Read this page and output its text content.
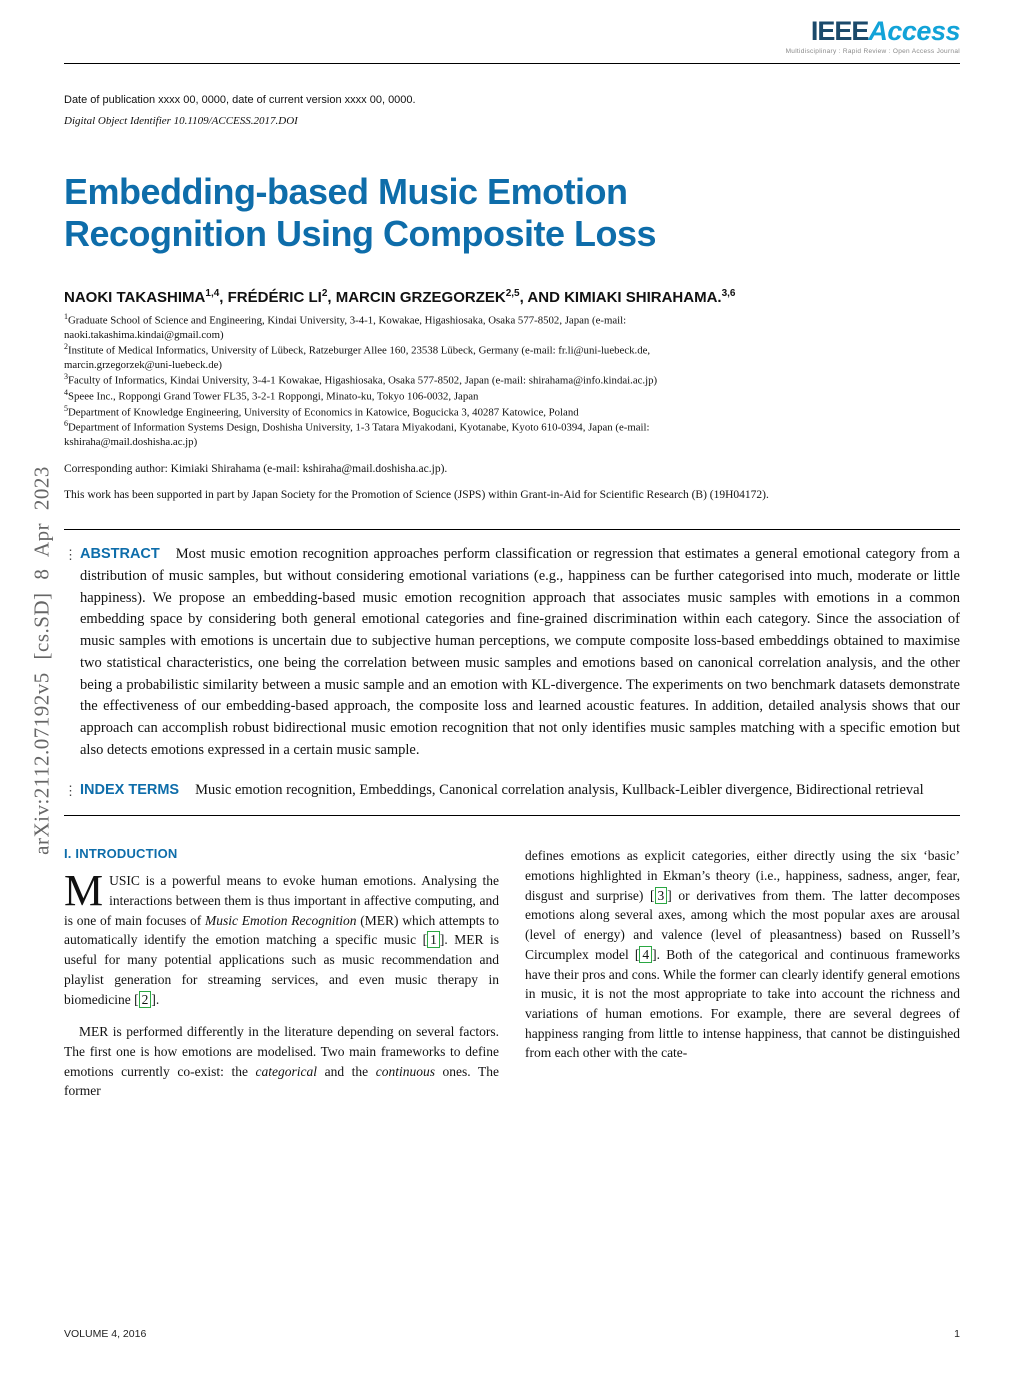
IEEEAccess
Multidisciplinary : Rapid Review : Open Access Journal
Date of publication xxxx 00, 0000, date of current version xxxx 00, 0000.
Digital Object Identifier 10.1109/ACCESS.2017.DOI
Embedding-based Music Emotion Recognition Using Composite Loss
NAOKI TAKASHIMA$^{1,4}$, FRÉDÉRIC $LI^2$, MARCIN GRZEGORZEK$^{2,5}$, AND KIMIAKI SHIRAHAMA.$^{3,6}$
$^1$Graduate School of Science and Engineering, Kindai University, 3-4-1, Kowakae, Higashiosaka, Osaka 577-8502, Japan (e-mail: naoki.takashima.kindai@gmail.com)
$^2$Institute of Medical Informatics, University of Lübeck, Ratzeburger Allee 160, 23538 Lübeck, Germany (e-mail: fr.li@uni-luebeck.de, marcin.grzegorzek@uni-luebeck.de)
$^3$Faculty of Informatics, Kindai University, 3-4-1 Kowakae, Higashiosaka, Osaka 577-8502, Japan (e-mail: shirahama@info.kindai.ac.jp)
$^4$Speee Inc., Roppongi Grand Tower FL35, 3-2-1 Roppongi, Minato-ku, Tokyo 106-0032, Japan
$^5$Department of Knowledge Engineering, University of Economics in Katowice, Bogucicka 3, 40287 Katowice, Poland
$^6$Department of Information Systems Design, Doshisha University, 1-3 Tatara Miyakodani, Kyotanabe, Kyoto 610-0394, Japan (e-mail: kshiraha@mail.doshisha.ac.jp)
Corresponding author: Kimiaki Shirahama (e-mail: kshiraha@mail.doshisha.ac.jp).
This work has been supported in part by Japan Society for the Promotion of Science (JSPS) within Grant-in-Aid for Scientific Research (B) (19H04172).

⋮ ABSTRACT Most music emotion recognition approaches perform classification or regression that estimates a general emotional category from a distribution of music samples, but without considering emotional variations (e.g., happiness can be further categorised into much, moderate or little happiness). We propose an embedding-based music emotion recognition approach that associates music samples with emotions in a common embedding space by considering both general emotional categories and fine-grained discrimination within each category. Since the association of music samples with emotions is uncertain due to subjective human perceptions, we compute composite loss-based embeddings obtained to maximise two statistical characteristics, one being the correlation between music samples and emotions based on canonical correlation analysis, and the other being a probabilistic similarity between a music sample and an emotion with KL-divergence. The experiments on two benchmark datasets demonstrate the effectiveness of our embedding-based approach, the composite loss and learned acoustic features. In addition, detailed analysis shows that our approach can accomplish robust bidirectional music emotion recognition that not only identifies music samples matching with a specific emotion but also detects emotions expressed in a certain music sample.

⋮ INDEX TERMS Music emotion recognition, Embeddings, Canonical correlation analysis, Kullback-Leibler divergence, Bidirectional retrieval

I. INTRODUCTION

MUSIC is a powerful means to evoke human emotions. Analysing the interactions between them is thus important in affective computing, and is one of main focuses of Music Emotion Recognition (MER) which attempts to automatically identify the emotion matching a specific music [ 1 ]. MER is useful for many potential applications such as music recommendation and playlist generation for streaming services, and even music therapy in biomedicine [ 2 ].

MER is performed differently in the literature depending on several factors. The first one is how emotions are modelised. Two main frameworks to define emotions currently co-exist: the categorical and the continuous ones. The former

defines emotions as explicit categories, either directly using the six ‘basic’ emotions highlighted in Ekman’s theory (i.e., happiness, sadness, anger, fear, disgust and surprise) [ 3 ] or derivatives from them. The latter decomposes emotions along several axes, among which the most popular axes are arousal (level of energy) and valence (level of pleasantness) based on Russell’s Circumplex model [ 4 ]. Both of the categorical and continuous frameworks have their pros and cons. While the former can clearly identify general emotions in music, it is not the most appropriate to take into account the richness and variations of human emotions. For example, there are several degrees of happiness ranging from little to intense happiness, that cannot be distinguished from each other with the cate-

arXiv:2112.07192v5 [cs.SD] 8 Apr 2023
VOLUME 4, 2016	1
